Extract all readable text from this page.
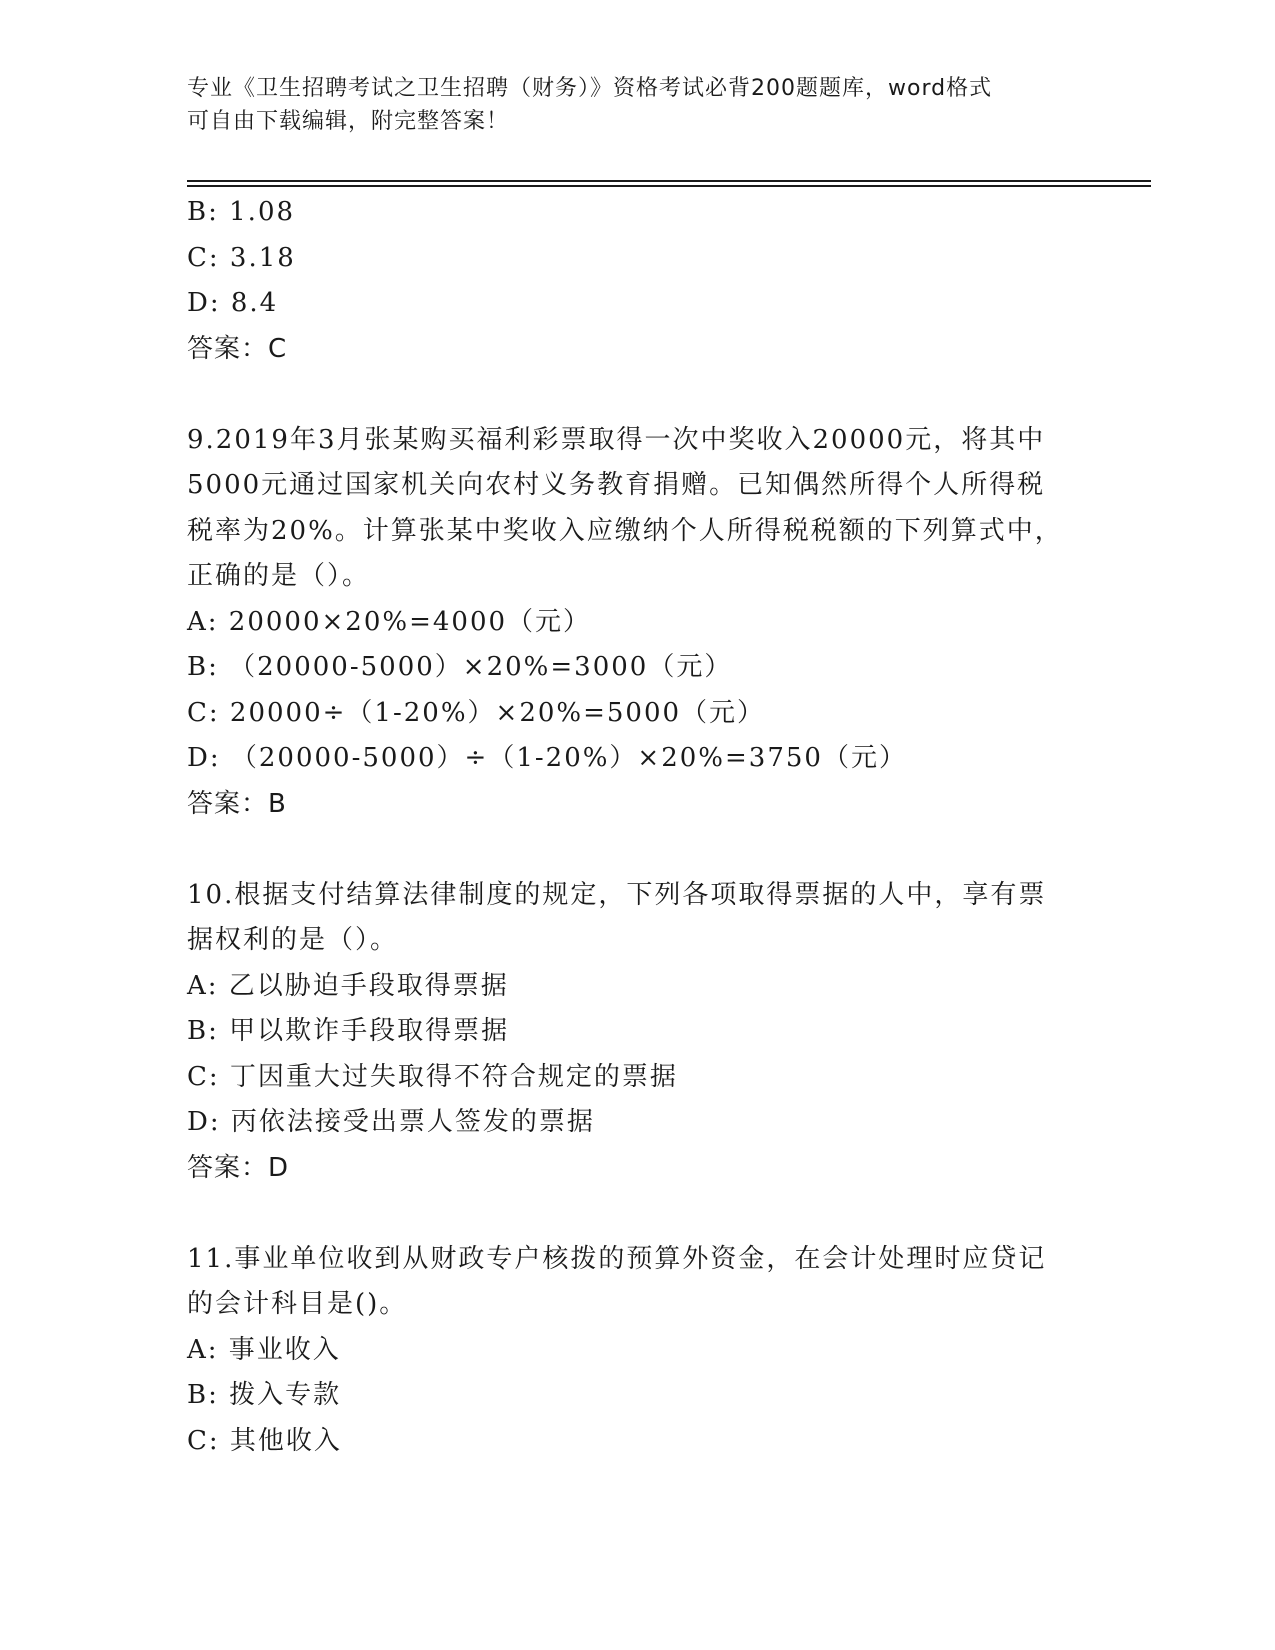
专业《卫生招聘考试之卫生招聘（财务）》资格考试必背200题题库，word格式
可自由下载编辑，附完整答案！
B: 1.08
C: 3.18
D: 8.4
答案：C
9.2019年3月张某购买福利彩票取得一次中奖收入20000元，将其中
5000元通过国家机关向农村义务教育捐赠。已知偶然所得个人所得税
税率为20%。计算张某中奖收入应缴纳个人所得税税额的下列算式中，
正确的是（）。
A: 20000×20%=4000（元）
B: （20000-5000）×20%=3000（元）
C: 20000÷（1-20%）×20%=5000（元）
D: （20000-5000）÷（1-20%）×20%=3750（元）
答案：B
10.根据支付结算法律制度的规定，下列各项取得票据的人中，享有票
据权利的是（）。
A: 乙以胁迫手段取得票据
B: 甲以欺诈手段取得票据
C: 丁因重大过失取得不符合规定的票据
D: 丙依法接受出票人签发的票据
答案：D
11.事业单位收到从财政专户核拨的预算外资金，在会计处理时应贷记
的会计科目是()。
A: 事业收入
B: 拨入专款
C: 其他收入
